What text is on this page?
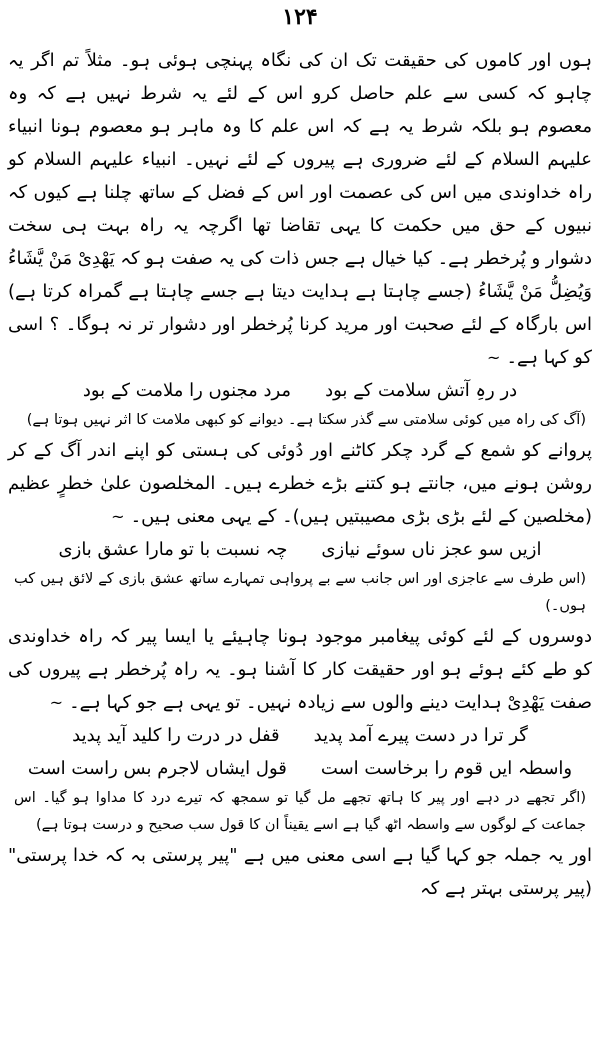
۱۲۴

ہوں اور کاموں کی حقیقت تک ان کی نگاہ پہنچی ہوئی ہو۔ مثلاً تم اگر یہ چاہو کہ کسی سے علم حاصل کرو اس کے لئے یہ شرط نہیں ہے کہ وہ معصوم ہو بلکہ شرط یہ ہے کہ اس علم کا وہ ماہر ہو معصوم ہونا انبیاء علیہم السلام کے لئے ضروری ہے پیروں کے لئے نہیں۔ انبیاء علیہم السلام کو راہ خداوندی میں اس کی عصمت اور اس کے فضل کے ساتھ چلنا ہے کیوں کہ نبیوں کے حق میں حکمت کا یہی تقاضا تھا اگرچہ یہ راہ بہت ہی سخت دشوار و پُرخطر ہے۔ کیا خیال ہے جس ذات کی یہ صفت ہو کہ یَهْدِیْ مَنْ یَّشَاءُ وَیُضِلُّ مَنْ یَّشَاءُ (جسے چاہتا ہے ہدایت دیتا ہے جسے چاہتا ہے گمراہ کرتا ہے) اس بارگاہ کے لئے صحبت اور مرید کرنا پُرخطر اور دشوار تر نہ ہوگا۔ ؟ اسی کو کہا ہے۔~

در رہِ آتش سلامت کے بود
مرد مجنوں را ملامت کے بود

(آگ کی راہ میں کوئی سلامتی سے گذر سکتا ہے۔ دیوانے کو کبھی ملامت کا اثر نہیں ہوتا ہے)

پروانے کو شمع کے گرد چکر کاٹنے اور دُوئی کی ہستی کو اپنے اندر آگ کے کر روشن ہونے میں، جانتے ہو کتنے بڑے خطرے ہیں۔ المخلصون علیٰ خطرٍ عظیم (مخلصین کے لئے بڑی بڑی مصیبتیں ہیں)۔ کے یہی معنی ہیں۔~

ازیں سو عجز ناں سوئے نیازی
چہ نسبت با تو مارا عشق بازی

(اس طرف سے عاجزی اور اس جانب سے بے پرواہی تمہارے ساتھ عشق بازی کے لائق ہیں کب ہوں۔)

دوسروں کے لئے کوئی پیغامبر موجود ہونا چاہیئے یا ایسا پیر کہ راہ خداوندی کو طے کئے ہوئے ہو اور حقیقت کار کا آشنا ہو۔ یہ راہ پُرخطر ہے پیروں کی صفت یَهْدِیْ ہدایت دینے والوں سے زیادہ نہیں۔ تو یہی ہے جو کہا ہے۔~

گر ترا در دست پیرے آمد پدید
قفل در درت را کلید آید پدید
واسطہ ایں قوم را برخاست است
قول ایشاں لاجرم بس راست است

(اگر تجھے در دہے اور پیر کا ہاتھ تجھے مل گیا تو سمجھ کہ تیرے درد کا مداوا ہو گیا۔ اس جماعت کے لوگوں سے واسطہ اٹھ گیا ہے اسے یقیناً ان کا قول سب صحیح و درست ہوتا ہے)

اور یہ جملہ جو کہا گیا ہے اسی معنی میں ہے "پیر پرستی بہ کہ خدا پرستی" (پیر پرستی بہتر ہے کہ
